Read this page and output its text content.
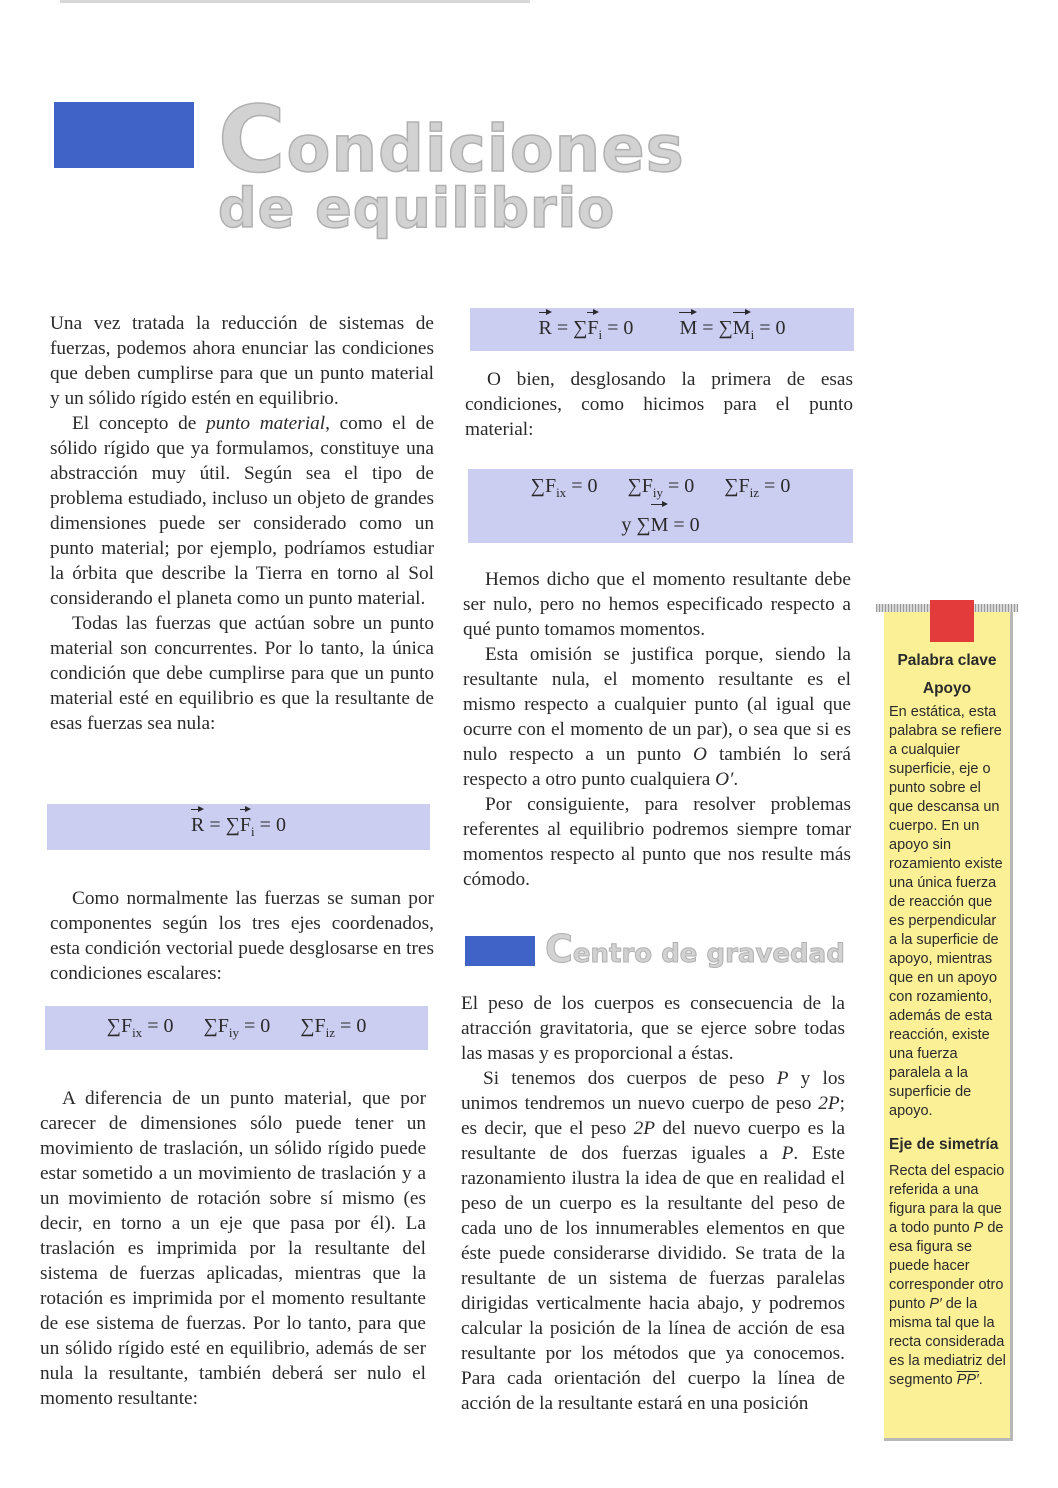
Condiciones
de equilibrio

Una vez tratada la reducción de sistemas de fuerzas, podemos ahora enunciar las condiciones que deben cumplirse para que un punto material y un sólido rígido estén en equilibrio.

El concepto de punto material, como el de sólido rígido que ya formulamos, constituye una abstracción muy útil. Según sea el tipo de problema estudiado, incluso un objeto de grandes dimensiones puede ser considerado como un punto material; por ejemplo, podríamos estudiar la órbita que describe la Tierra en torno al Sol considerando el planeta como un punto material.

Todas las fuerzas que actúan sobre un punto material son concurrentes. Por lo tanto, la única condición que debe cumplirse para que un punto material esté en equilibrio es que la resultante de esas fuerzas sea nula:

$R = \sum F_i = 0$

Como normalmente las fuerzas se suman por componentes según los tres ejes coordenados, esta condición vectorial puede desglosarse en tres condiciones escalares:

$\sum F_{ix} = 0$ $\sum F_{iy} = 0$ $\sum F_{iz} = 0$

A diferencia de un punto material, que por carecer de dimensiones sólo puede tener un movimiento de traslación, un sólido rígido puede estar sometido a un movimiento de traslación y a un movimiento de rotación sobre sí mismo (es decir, en torno a un eje que pasa por él). La traslación es imprimida por la resultante del sistema de fuerzas aplicadas, mientras que la rotación es imprimida por el momento resultante de ese sistema de fuerzas. Por lo tanto, para que un sólido rígido esté en equilibrio, además de ser nula la resultante, también deberá ser nulo el momento resultante:

$R = \sum F_i = 0$ $M = \sum M_i = 0$

O bien, desglosando la primera de esas condiciones, como hicimos para el punto material:

$\sum F_{ix} = 0$ $\sum F_{iy} = 0$ $\sum F_{iz} = 0$
y ∑M = 0

Hemos dicho que el momento resultante debe ser nulo, pero no hemos especificado respecto a qué punto tomamos momentos.

Esta omisión se justifica porque, siendo la resultante nula, el momento resultante es el mismo respecto a cualquier punto (al igual que ocurre con el momento de un par), o sea que si es nulo respecto a un punto O también lo será respecto a otro punto cualquiera O′.

Por consiguiente, para resolver problemas referentes al equilibrio podremos siempre tomar momentos respecto al punto que nos resulte más cómodo.

Centro de gravedad

El peso de los cuerpos es consecuencia de la atracción gravitatoria, que se ejerce sobre todas las masas y es proporcional a éstas.

Si tenemos dos cuerpos de peso P y los unimos tendremos un nuevo cuerpo de peso 2P; es decir, que el peso 2P del nuevo cuerpo es la resultante de dos fuerzas iguales a P. Este razonamiento ilustra la idea de que en realidad el peso de un cuerpo es la resultante del peso de cada uno de los innumerables elementos en que éste puede considerarse dividido. Se trata de la resultante de un sistema de fuerzas paralelas dirigidas verticalmente hacia abajo, y podremos calcular la posición de la línea de acción de esa resultante por los métodos que ya conocemos. Para cada orientación del cuerpo la línea de acción de la resultante estará en una posición

Palabra clave
Apoyo
En estática, esta palabra se refiere a cualquier superficie, eje o punto sobre el que descansa un cuerpo. En un apoyo sin rozamiento existe una única fuerza de reacción que es perpendicular a la superficie de apoyo, mientras que en un apoyo con rozamiento, además de esta reacción, existe una fuerza paralela a la superficie de apoyo.
Eje de simetría
Recta del espacio referida a una figura para la que a todo punto P de esa figura se puede hacer corresponder otro punto P′ de la misma tal que la recta considerada es la mediatriz del segmento PP′.
